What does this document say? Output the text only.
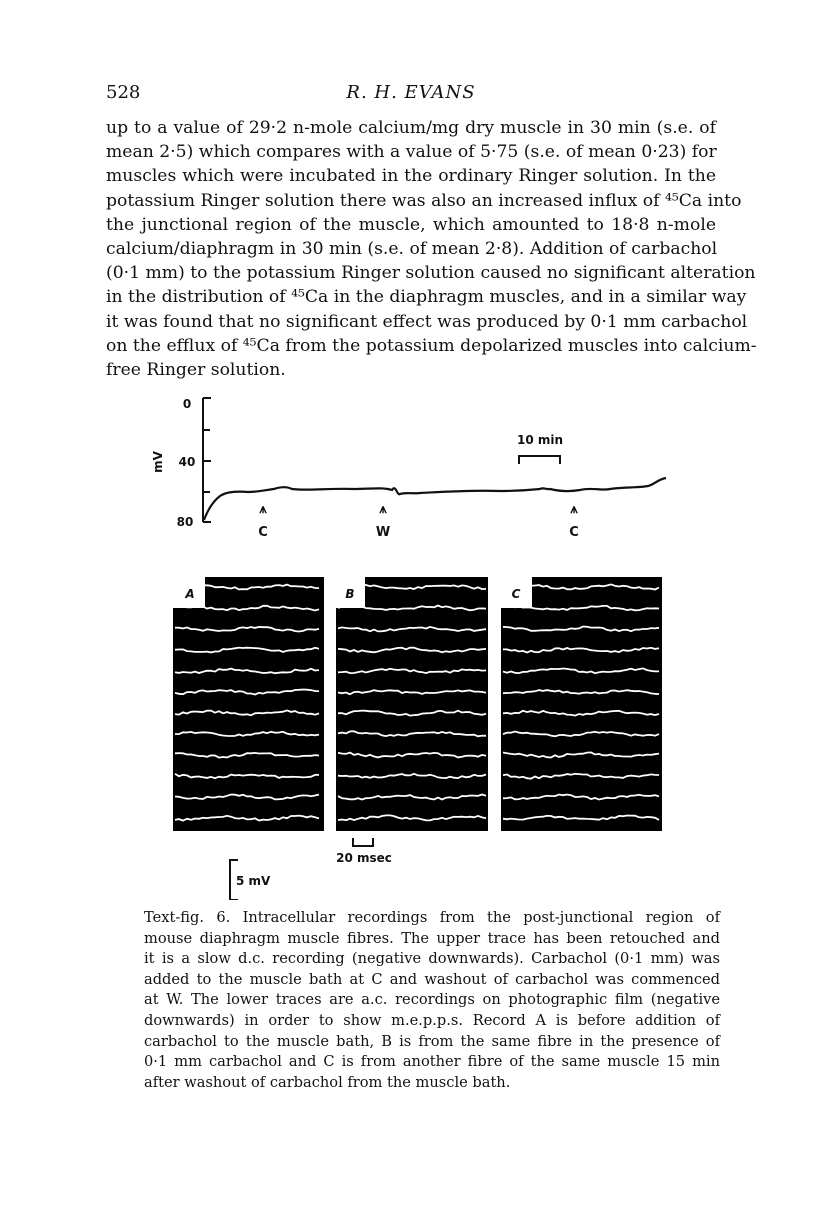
528	R. H. EVANS
up to a value of 29·2 n-mole calcium/mg dry muscle in 30 min (s.e. of
mean 2·5) which compares with a value of 5·75 (s.e. of mean 0·23) for
muscles which were incubated in the ordinary Ringer solution. In the
potassium Ringer solution there was also an increased influx of ⁴⁵Ca into
the junctional region of the muscle, which amounted to 18·8 n-mole
calcium/diaphragm in 30 min (s.e. of mean 2·8). Addition of carbachol
(0·1 mm) to the potassium Ringer solution caused no significant alteration
in the distribution of ⁴⁵Ca in the diaphragm muscles, and in a similar way
it was found that no significant effect was produced by 0·1 mm carbachol
on the efflux of ⁴⁵Ca from the potassium depolarized muscles into calcium-
free Ringer solution.
0
40
80
mV
10 min
⩚
C
⩚
W
⩚
C
A	B	C
20 msec
5 mV
Text-fig. 6. Intracellular recordings from the post-junctional region of
mouse diaphragm muscle fibres. The upper trace has been retouched and
it is a slow d.c. recording (negative downwards). Carbachol (0·1 mm) was
added to the muscle bath at C and washout of carbachol was commenced
at W. The lower traces are a.c. recordings on photographic film (negative
downwards) in order to show m.e.p.p.s. Record A is before addition of
carbachol to the muscle bath, B is from the same fibre in the presence of
0·1 mm carbachol and C is from another fibre of the same muscle 15 min
after washout of carbachol from the muscle bath.
